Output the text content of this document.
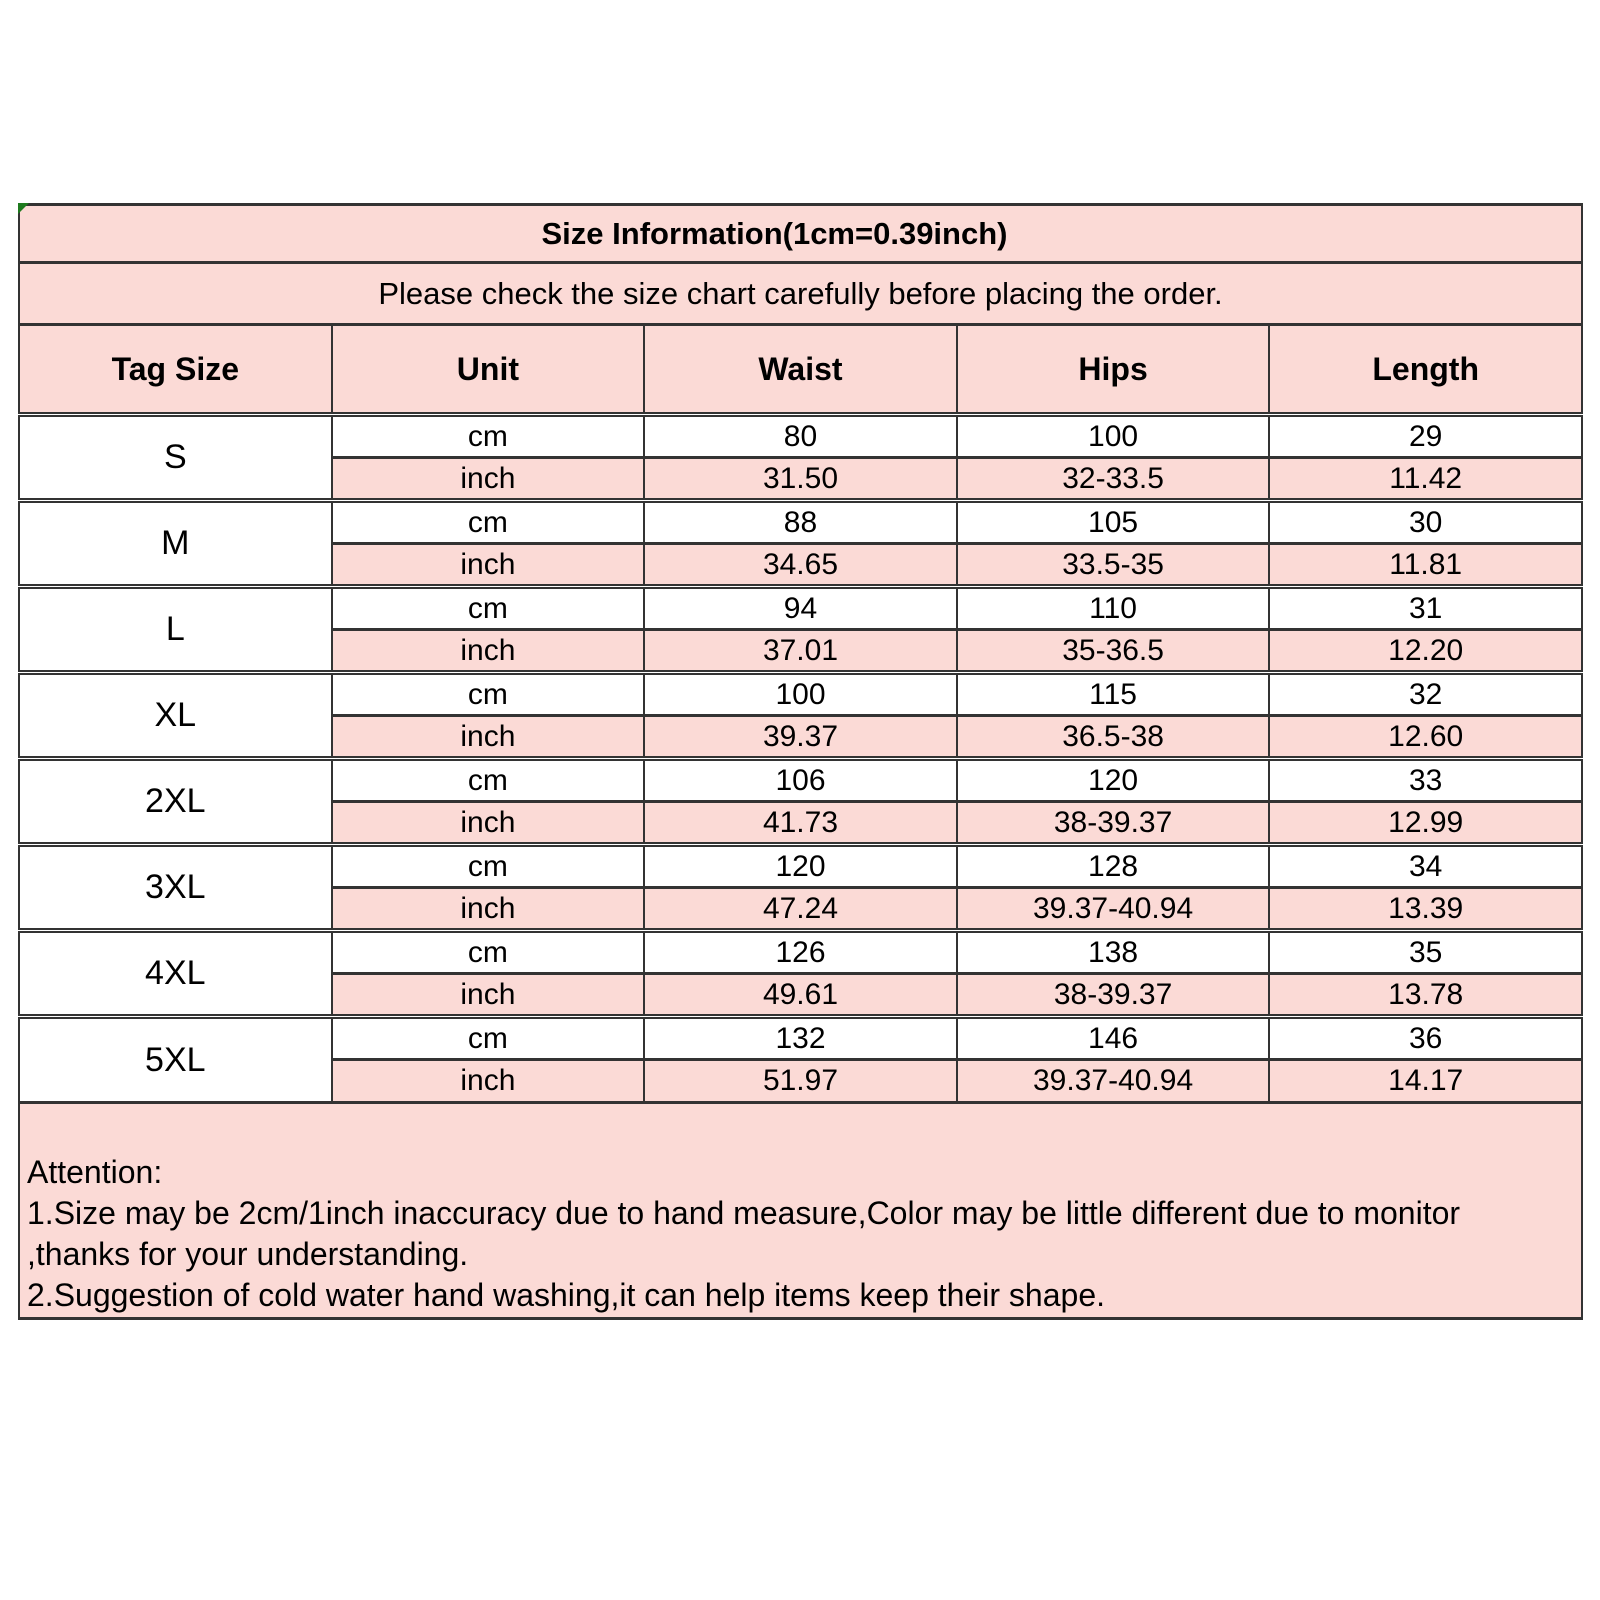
Size Information(1cm=0.39inch)				
Please check the size chart carefully before placing the order.				
Tag Size	Unit	Waist	Hips	Length
S	cm	80	100	29
	inch	31.50	32-33.5	11.42
M	cm	88	105	30
	inch	34.65	33.5-35	11.81
L	cm	94	110	31
	inch	37.01	35-36.5	12.20
XL	cm	100	115	32
	inch	39.37	36.5-38	12.60
2XL	cm	106	120	33
	inch	41.73	38-39.37	12.99
3XL	cm	120	128	34
	inch	47.24	39.37-40.94	13.39
4XL	cm	126	138	35
	inch	49.61	38-39.37	13.78
5XL	cm	132	146	36
	inch	51.97	39.37-40.94	14.17
Attention:
1.Size may be 2cm/1inch inaccuracy due to hand measure,Color may be little different due to monitor
,thanks for your understanding.
2.Suggestion of cold water hand washing,it can help items keep their shape.
